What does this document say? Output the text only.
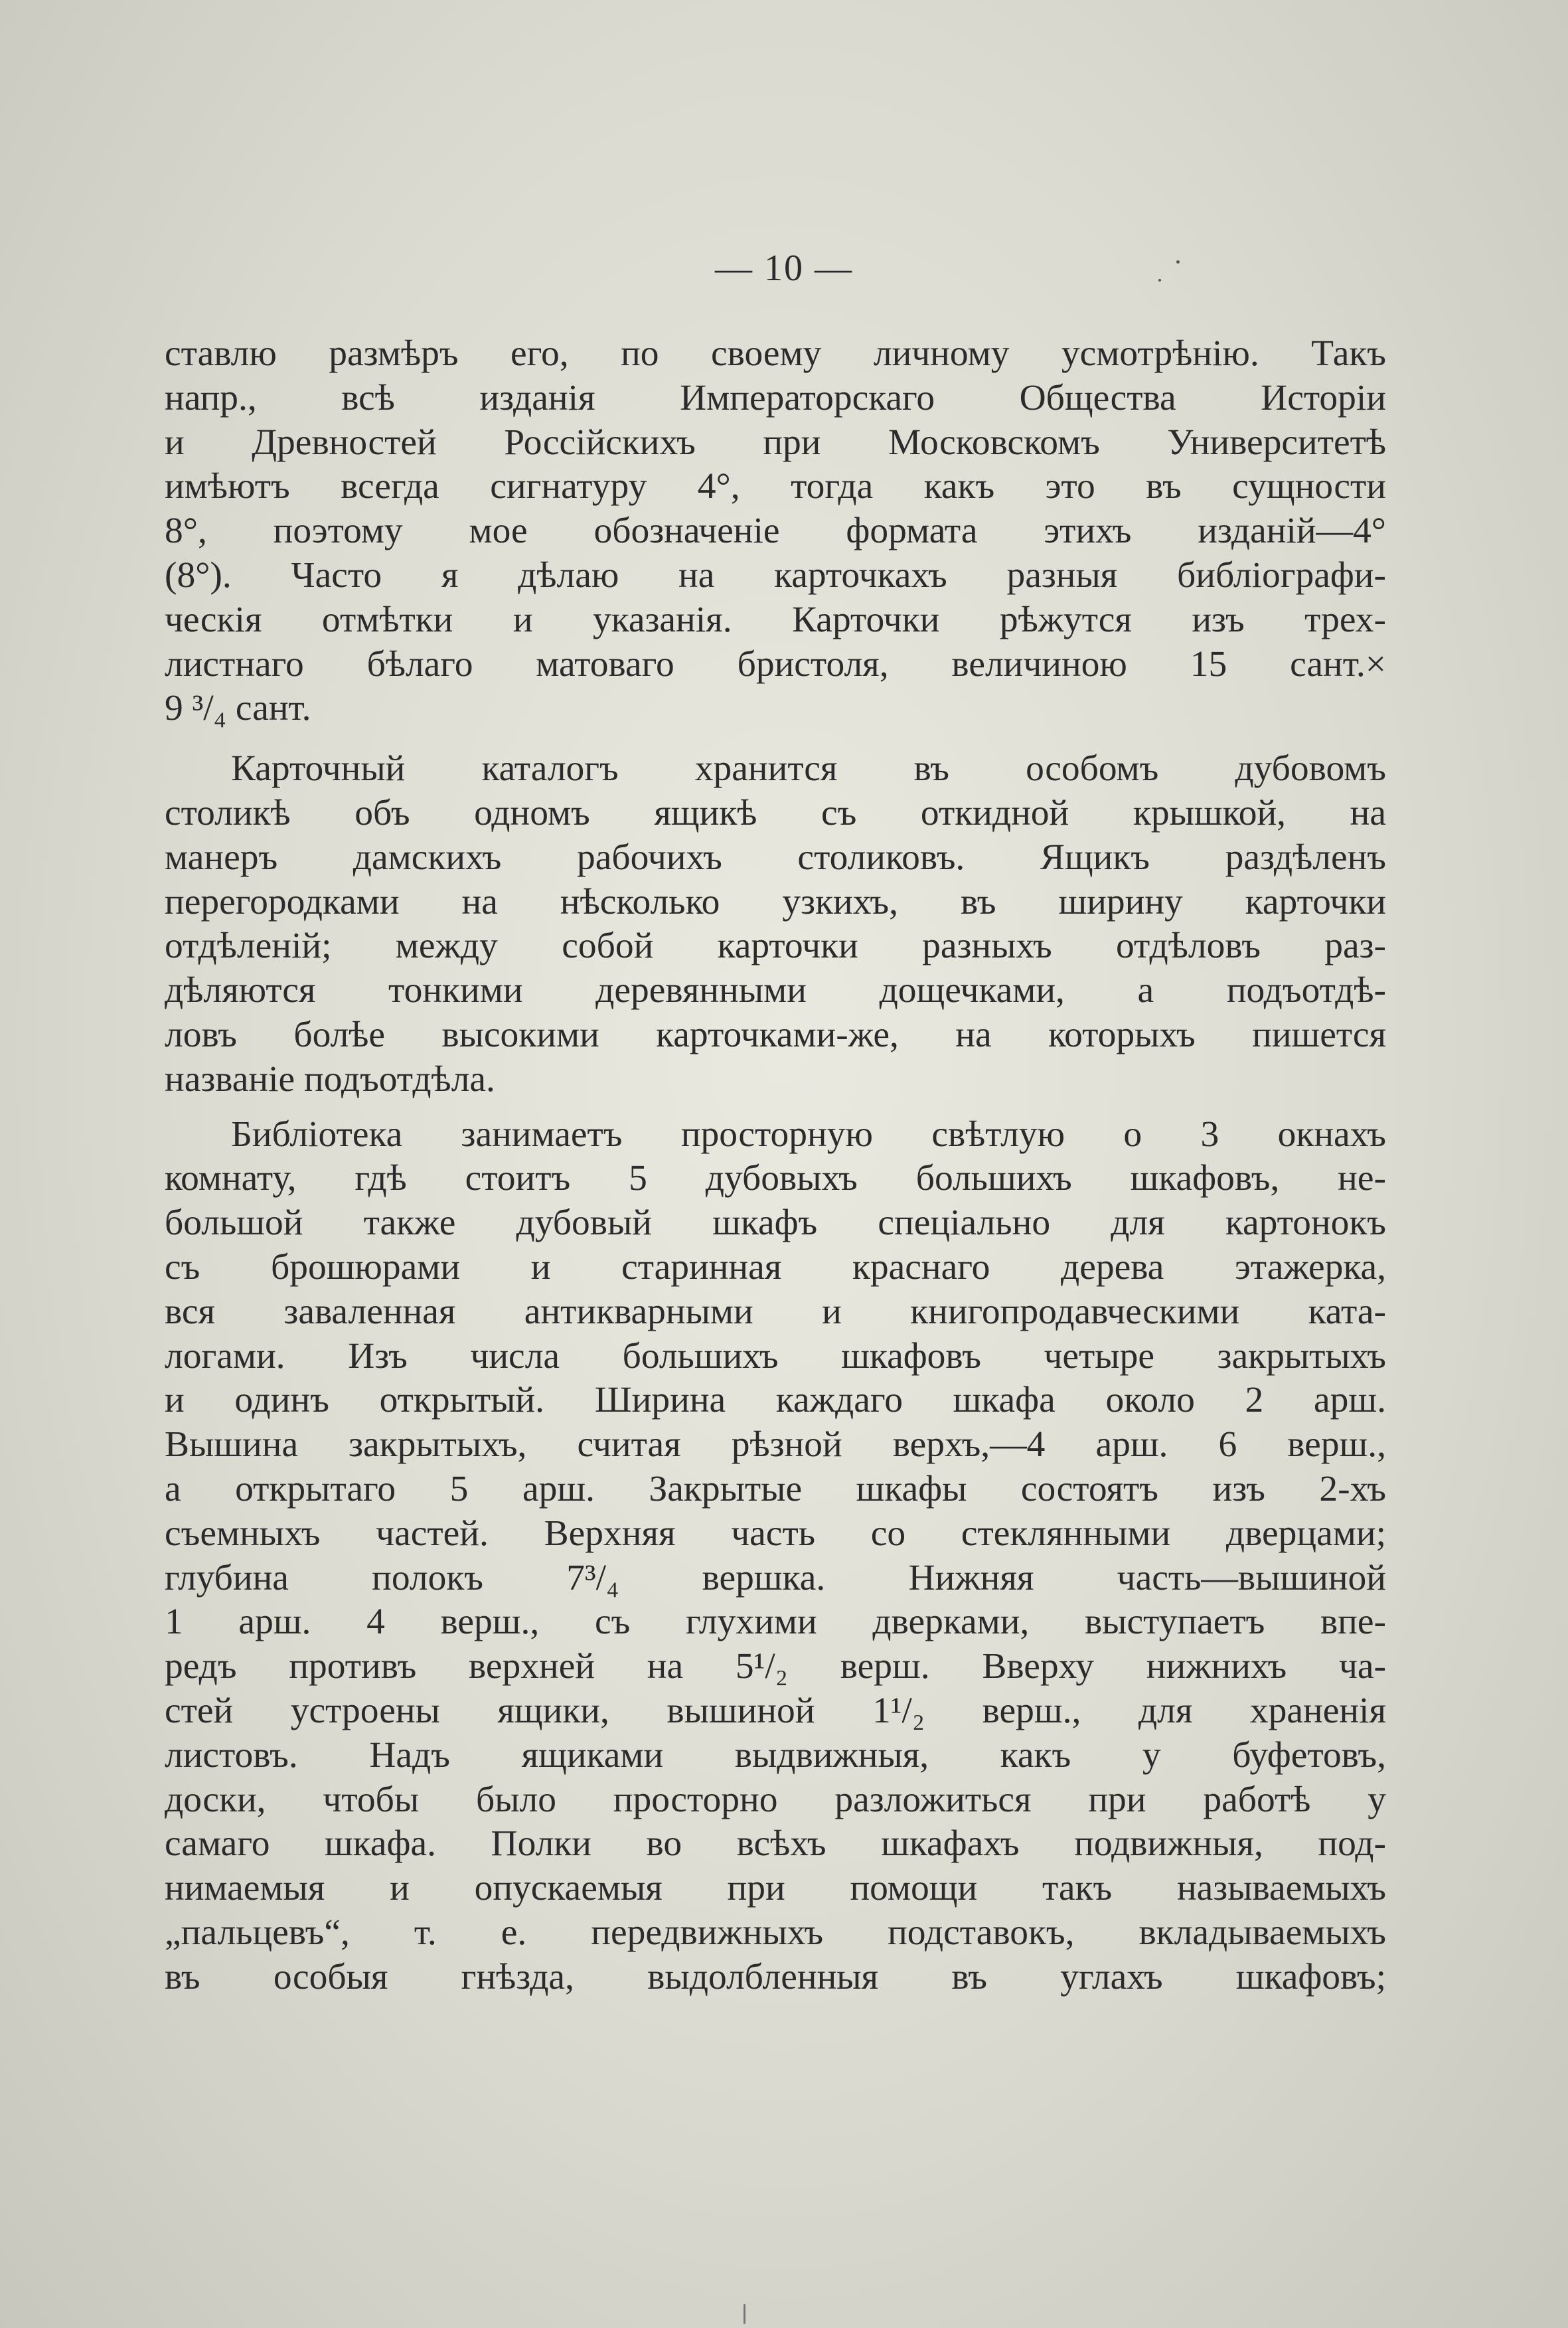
— 10 —
ставлю размѣръ его, по своему личному усмотрѣнію. Такъ
напр., всѣ изданія Императорскаго Общества Исторіи
и Древностей Россійскихъ при Московскомъ Университетѣ
имѣютъ всегда сигнатуру 4°, тогда какъ это въ сущности
8°, поэтому мое обозначеніе формата этихъ изданій—4°
(8°). Часто я дѣлаю на карточкахъ разныя библіографи-
ческія отмѣтки и указанія. Карточки рѣжутся изъ трех-
листнаго бѣлаго матоваго бристоля, величиною 15 сант.×
9 ³/₄ сант.
Карточный каталогъ хранится въ особомъ дубовомъ
столикѣ объ одномъ ящикѣ съ откидной крышкой, на
манеръ дамскихъ рабочихъ столиковъ. Ящикъ раздѣленъ
перегородками на нѣсколько узкихъ, въ ширину карточки
отдѣленій; между собой карточки разныхъ отдѣловъ раз-
дѣляются тонкими деревянными дощечками, а подъотдѣ-
ловъ болѣе высокими карточками-же, на которыхъ пишется
названіе подъотдѣла.
Библіотека занимаетъ просторную свѣтлую о 3 окнахъ
комнату, гдѣ стоитъ 5 дубовыхъ большихъ шкафовъ, не-
большой также дубовый шкафъ спеціально для картонокъ
съ брошюрами и старинная краснаго дерева этажерка,
вся заваленная антикварными и книгопродавческими ката-
логами. Изъ числа большихъ шкафовъ четыре закрытыхъ
и одинъ открытый. Ширина каждаго шкафа около 2 арш.
Вышина закрытыхъ, считая рѣзной верхъ,—4 арш. 6 верш.,
а открытаго 5 арш. Закрытые шкафы состоятъ изъ 2-хъ
съемныхъ частей. Верхняя часть со стеклянными дверцами;
глубина полокъ 7³/₄ вершка. Нижняя часть—вышиной
1 арш. 4 верш., съ глухими дверками, выступаетъ впе-
редъ противъ верхней на 5¹/₂ верш. Вверху нижнихъ ча-
стей устроены ящики, вышиной 1¹/₂ верш., для храненія
листовъ. Надъ ящиками выдвижныя, какъ у буфетовъ,
доски, чтобы было просторно разложиться при работѣ у
самаго шкафа. Полки во всѣхъ шкафахъ подвижныя, под-
нимаемыя и опускаемыя при помощи такъ называемыхъ
„пальцевъ“, т. е. передвижныхъ подставокъ, вкладываемыхъ
въ особыя гнѣзда, выдолбленныя въ углахъ шкафовъ;
